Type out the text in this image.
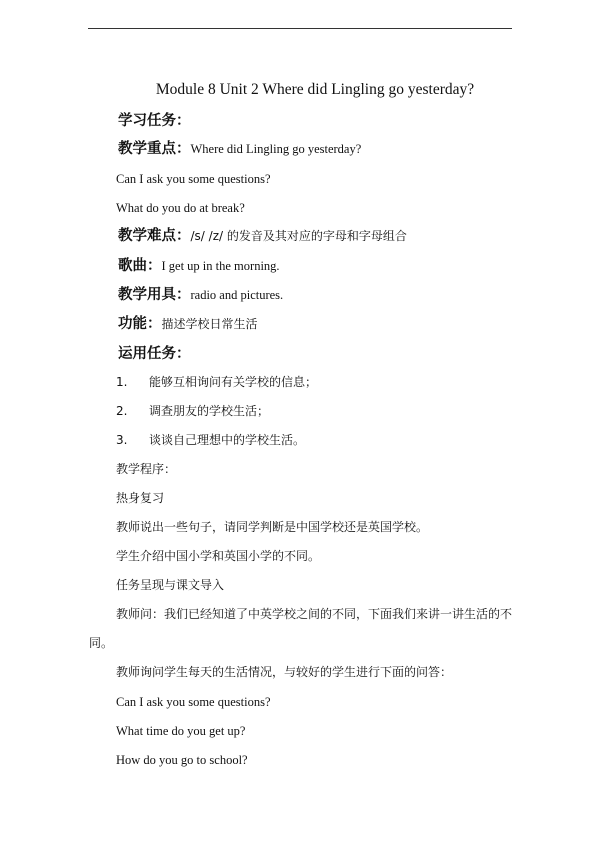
Module 8 Unit 2 Where did Lingling go yesterday?
学习任务：
教学重点：Where did Lingling go yesterday?
Can I ask you some questions?
What do you do at break?
教学难点：/s/ /z/ 的发音及其对应的字母和字母组合
歌曲：I get up in the morning.
教学用具：radio and pictures.
功能：描述学校日常生活
运用任务：
1. 能够互相询问有关学校的信息；
2. 调查朋友的学校生活；
3. 谈谈自己理想中的学校生活。
教学程序：
热身复习
教师说出一些句子，请同学判断是中国学校还是英国学校。
学生介绍中国小学和英国小学的不同。
任务呈现与课文导入
教师问：我们已经知道了中英学校之间的不同，下面我们来讲一讲生活的不
同。
教师询问学生每天的生活情况，与较好的学生进行下面的问答：
Can I ask you some questions?
What time do you get up?
How do you go to school?
